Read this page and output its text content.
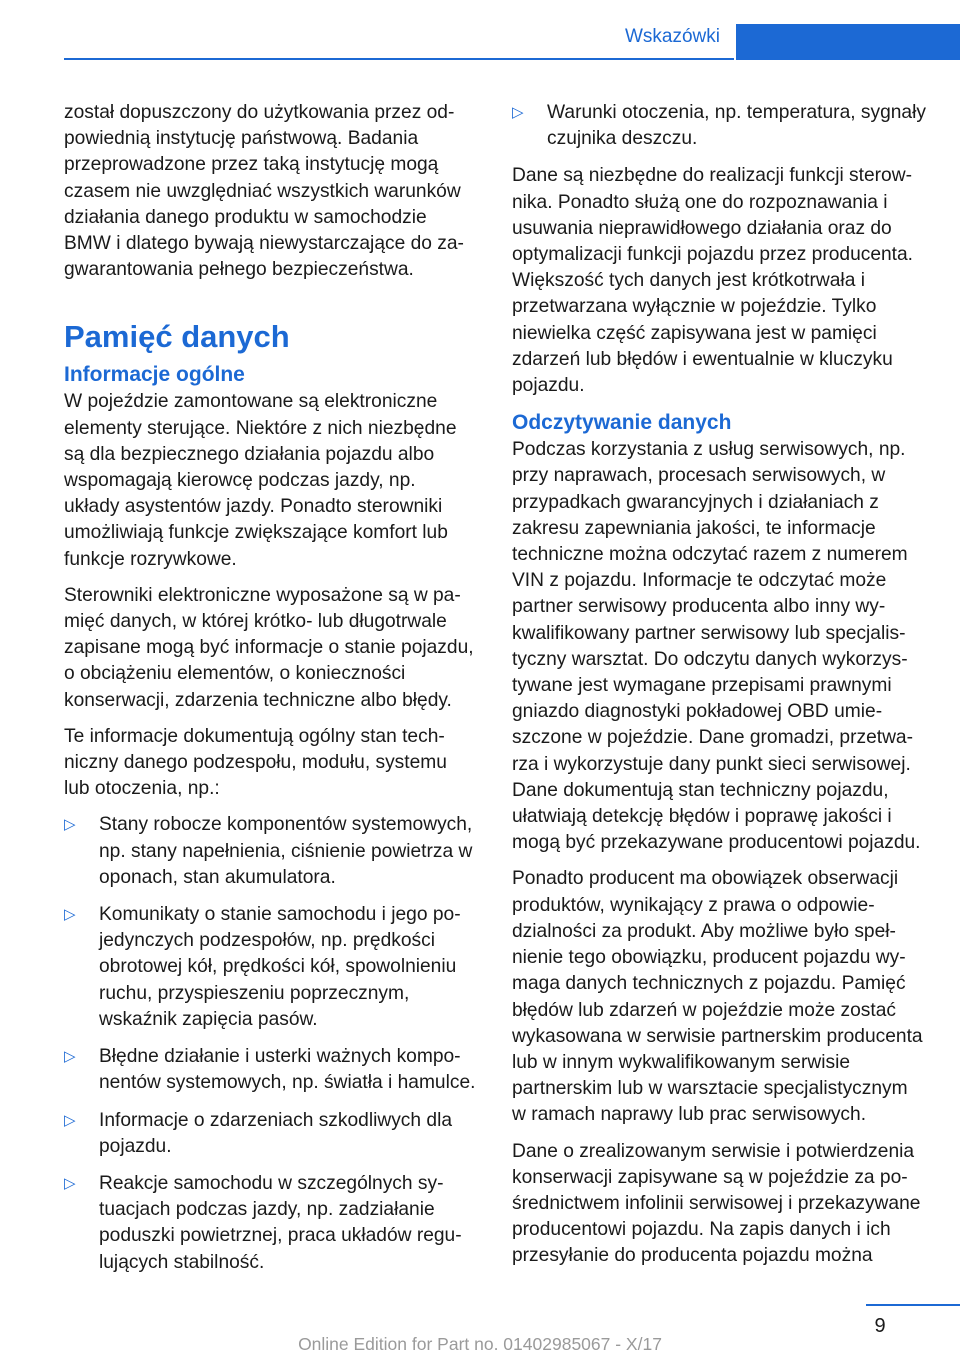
Wskazówki

został dopuszczony do użytkowania przez odpowiednią instytucję państwową. Badania przeprowadzone przez taką instytucję mogą czasem nie uwzględniać wszystkich warunków działania danego produktu w samochodzie BMW i dlatego bywają niewystarczające do zagwarantowania pełnego bezpieczeństwa.

Pamięć danych
Informacje ogólne

W pojeździe zamontowane są elektroniczne elementy sterujące. Niektóre z nich niezbędne są dla bezpiecznego działania pojazdu albo wspomagają kierowcę podczas jazdy, np. układy asystentów jazdy. Ponadto sterowniki umożliwiają funkcje zwiększające komfort lub funkcje rozrywkowe.

Sterowniki elektroniczne wyposażone są w pamięć danych, w której krótko- lub długotrwale zapisane mogą być informacje o stanie pojazdu, o obciążeniu elementów, o konieczności konserwacji, zdarzenia techniczne albo błędy.

Te informacje dokumentują ogólny stan techniczny danego podzespołu, modułu, systemu lub otoczenia, np.:

▷ Stany robocze komponentów systemowych, np. stany napełnienia, ciśnienie powietrza w oponach, stan akumulatora.
▷ Komunikaty o stanie samochodu i jego pojedynczych podzespołów, np. prędkości obrotowej kół, prędkości kół, spowolnieniu ruchu, przyspieszeniu poprzecznym, wskaźnik zapięcia pasów.
▷ Błędne działanie i usterki ważnych komponentów systemowych, np. światła i hamulce.
▷ Informacje o zdarzeniach szkodliwych dla pojazdu.
▷ Reakcje samochodu w szczególnych sytuacjach podczas jazdy, np. zadziałanie poduszki powietrznej, praca układów regulujących stabilność.
▷ Warunki otoczenia, np. temperatura, sygnały czujnika deszczu.

Dane są niezbędne do realizacji funkcji sterownika. Ponadto służą one do rozpoznawania i usuwania nieprawidłowego działania oraz do optymalizacji funkcji pojazdu przez producenta. Większość tych danych jest krótkotrwała i przetwarzana wyłącznie w pojeździe. Tylko niewielka część zapisywana jest w pamięci zdarzeń lub błędów i ewentualnie w kluczyku pojazdu.

Odczytywanie danych

Podczas korzystania z usług serwisowych, np. przy naprawach, procesach serwisowych, w przypadkach gwarancyjnych i działaniach z zakresu zapewniania jakości, te informacje techniczne można odczytać razem z numerem VIN z pojazdu. Informacje te odczytać może partner serwisowy producenta albo inny wykwalifikowany partner serwisowy lub specjalistyczny warsztat. Do odczytu danych wykorzystywane jest wymagane przepisami prawnymi gniazdo diagnostyki pokładowej OBD umieszczone w pojeździe. Dane gromadzi, przetwarza i wykorzystuje dany punkt sieci serwisowej. Dane dokumentują stan techniczny pojazdu, ułatwiają detekcję błędów i poprawę jakości i mogą być przekazywane producentowi pojazdu.

Ponadto producent ma obowiązek obserwacji produktów, wynikający z prawa o odpowiedzialności za produkt. Aby możliwe było spełnienie tego obowiązku, producent pojazdu wymaga danych technicznych z pojazdu. Pamięć błędów lub zdarzeń w pojeździe może zostać wykasowana w serwisie partnerskim producenta lub w innym wykwalifikowanym serwisie partnerskim lub w warsztacie specjalistycznym w ramach naprawy lub prac serwisowych.

Dane o zrealizowanym serwisie i potwierdzenia konserwacji zapisywane są w pojeździe za pośrednictwem infolinii serwisowej i przekazywane producentowi pojazdu. Na zapis danych i ich przesyłanie do producenta pojazdu można

9
Online Edition for Part no. 01402985067 - X/17
